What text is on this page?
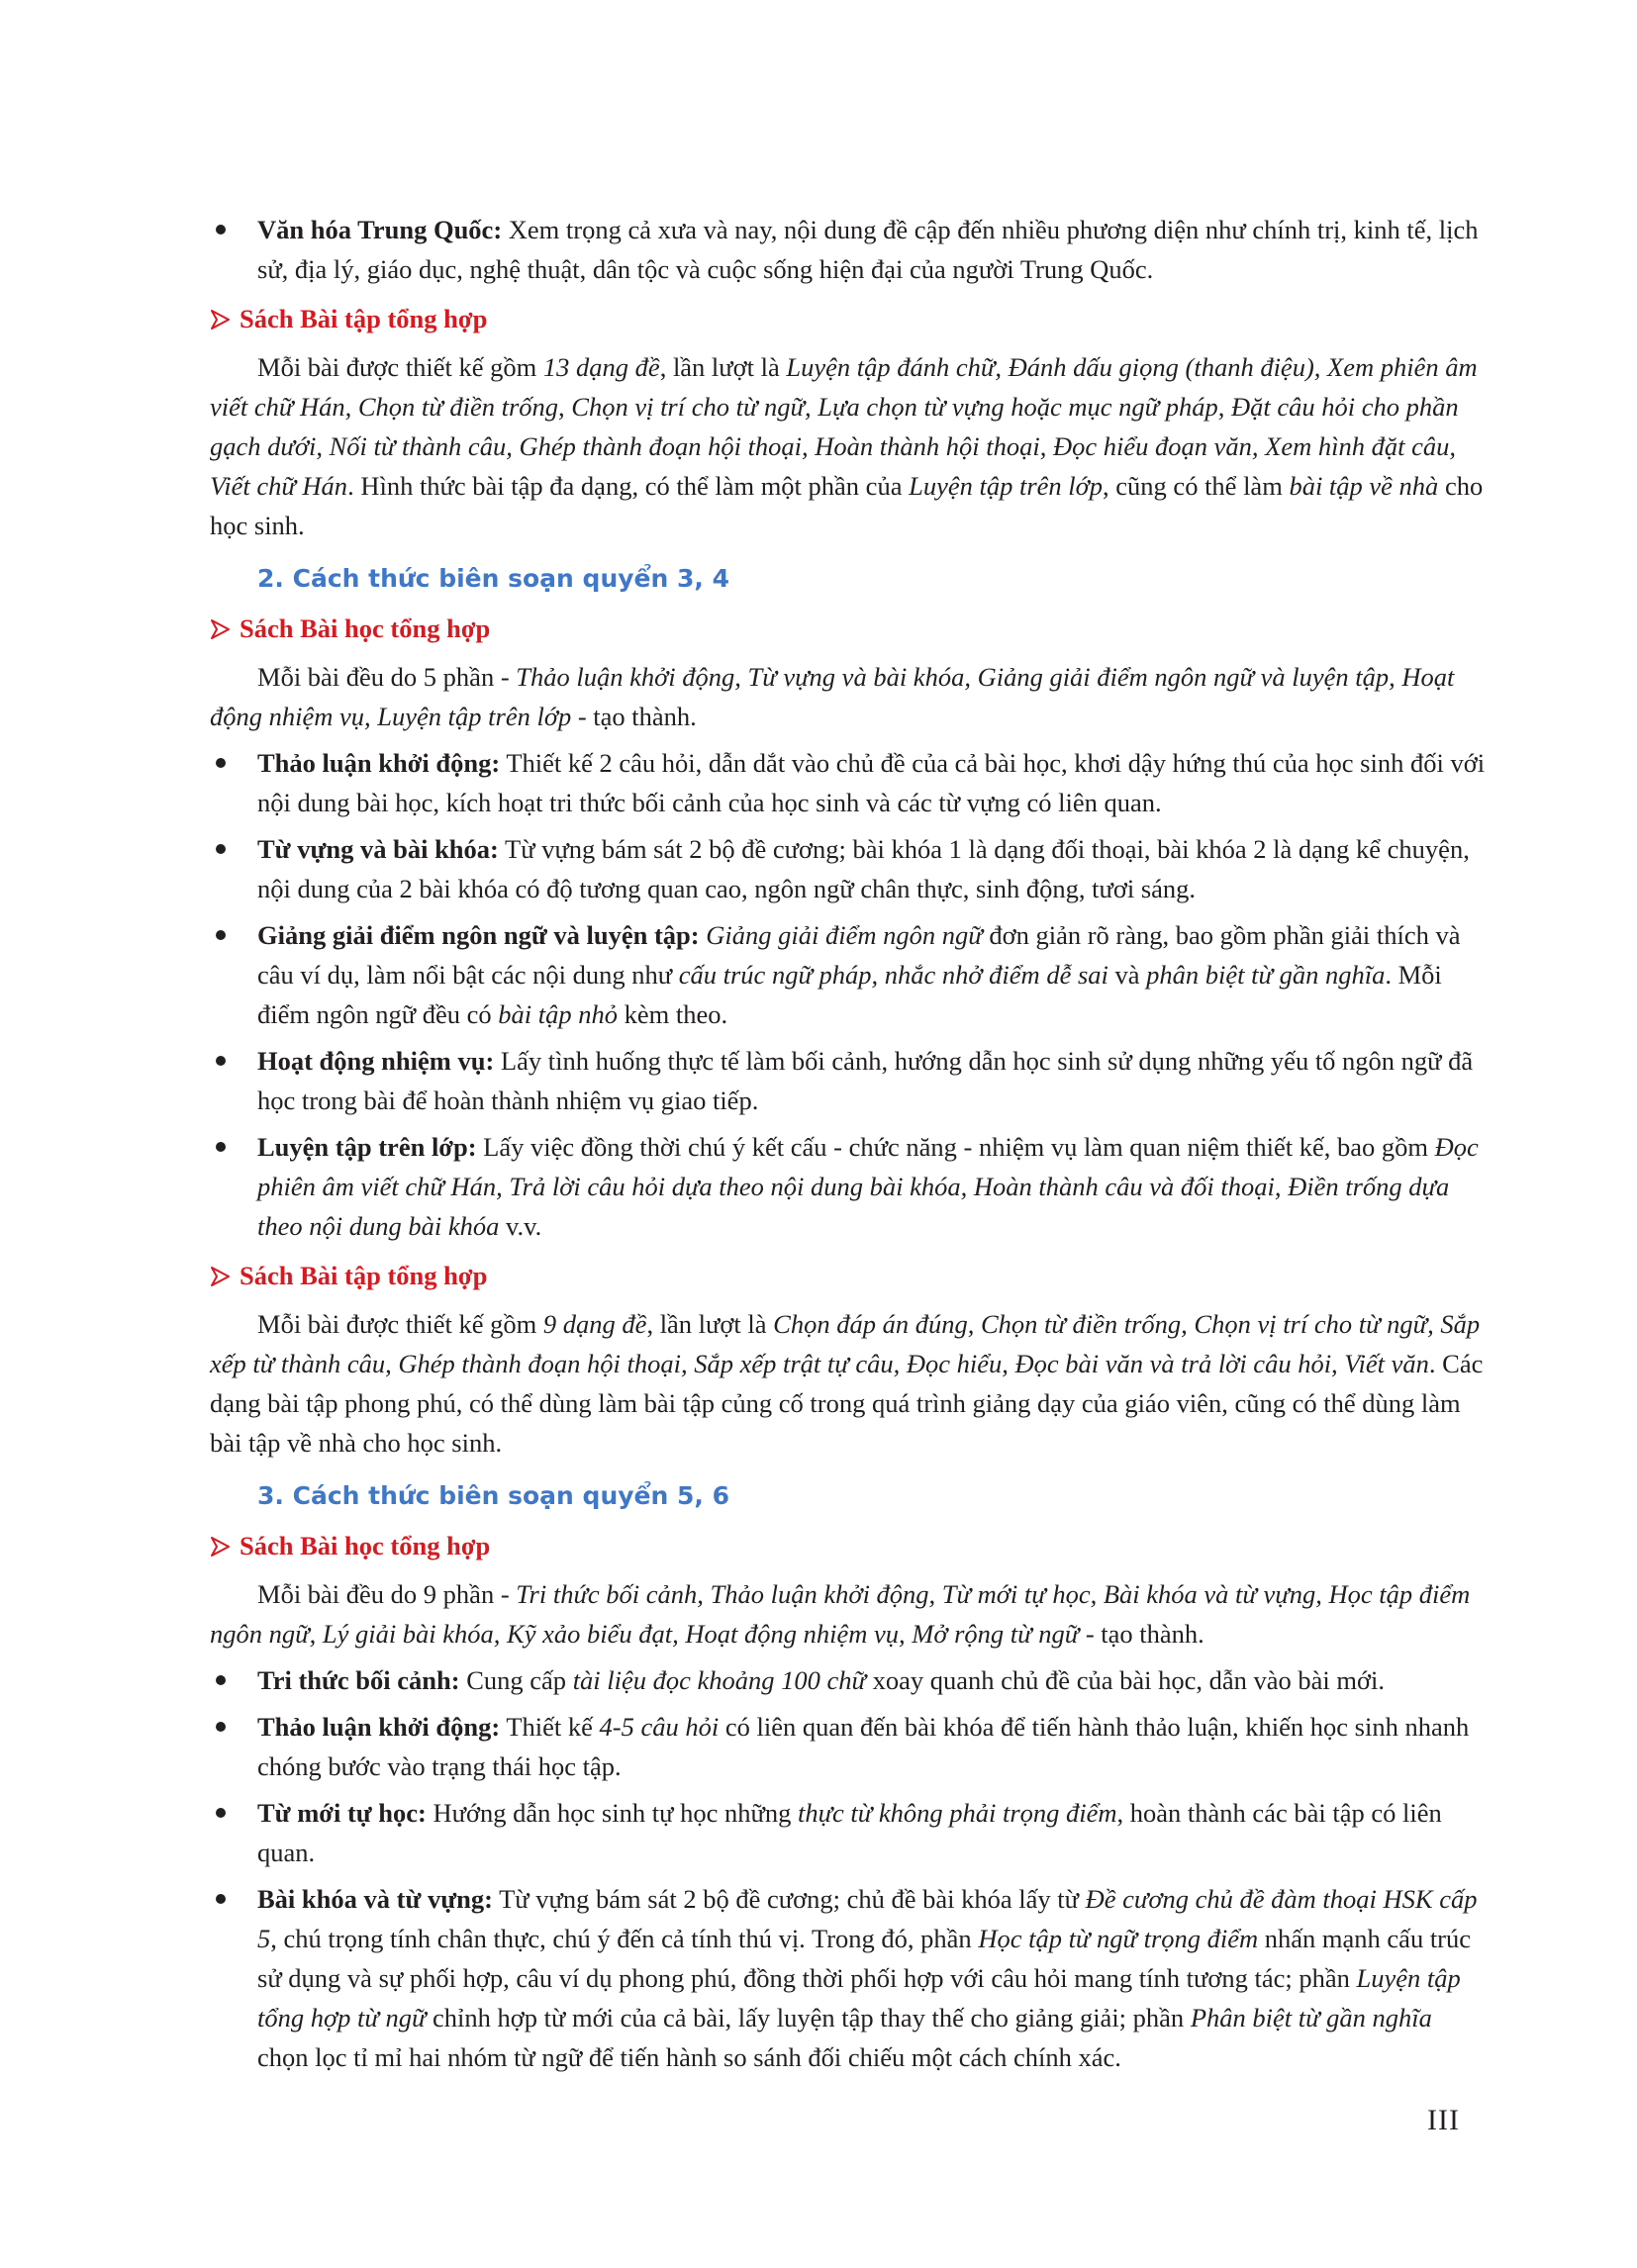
Văn hóa Trung Quốc: Xem trọng cả xưa và nay, nội dung đề cập đến nhiều phương diện như chính trị, kinh tế, lịch sử, địa lý, giáo dục, nghệ thuật, dân tộc và cuộc sống hiện đại của người Trung Quốc.

Sách Bài tập tổng hợp

Mỗi bài được thiết kế gồm 13 dạng đề, lần lượt là Luyện tập đánh chữ, Đánh dấu giọng (thanh điệu), Xem phiên âm viết chữ Hán, Chọn từ điền trống, Chọn vị trí cho từ ngữ, Lựa chọn từ vựng hoặc mục ngữ pháp, Đặt câu hỏi cho phần gạch dưới, Nối từ thành câu, Ghép thành đoạn hội thoại, Hoàn thành hội thoại, Đọc hiểu đoạn văn, Xem hình đặt câu, Viết chữ Hán. Hình thức bài tập đa dạng, có thể làm một phần của Luyện tập trên lớp, cũng có thể làm bài tập về nhà cho học sinh.

2. Cách thức biên soạn quyển 3, 4

Sách Bài học tổng hợp

Mỗi bài đều do 5 phần - Thảo luận khởi động, Từ vựng và bài khóa, Giảng giải điểm ngôn ngữ và luyện tập, Hoạt động nhiệm vụ, Luyện tập trên lớp - tạo thành.

Thảo luận khởi động: Thiết kế 2 câu hỏi, dẫn dắt vào chủ đề của cả bài học, khơi dậy hứng thú của học sinh đối với nội dung bài học, kích hoạt tri thức bối cảnh của học sinh và các từ vựng có liên quan.

Từ vựng và bài khóa: Từ vựng bám sát 2 bộ đề cương; bài khóa 1 là dạng đối thoại, bài khóa 2 là dạng kể chuyện, nội dung của 2 bài khóa có độ tương quan cao, ngôn ngữ chân thực, sinh động, tươi sáng.

Giảng giải điểm ngôn ngữ và luyện tập: Giảng giải điểm ngôn ngữ đơn giản rõ ràng, bao gồm phần giải thích và câu ví dụ, làm nổi bật các nội dung như cấu trúc ngữ pháp, nhắc nhở điểm dễ sai và phân biệt từ gần nghĩa. Mỗi điểm ngôn ngữ đều có bài tập nhỏ kèm theo.

Hoạt động nhiệm vụ: Lấy tình huống thực tế làm bối cảnh, hướng dẫn học sinh sử dụng những yếu tố ngôn ngữ đã học trong bài để hoàn thành nhiệm vụ giao tiếp.

Luyện tập trên lớp: Lấy việc đồng thời chú ý kết cấu - chức năng - nhiệm vụ làm quan niệm thiết kế, bao gồm Đọc phiên âm viết chữ Hán, Trả lời câu hỏi dựa theo nội dung bài khóa, Hoàn thành câu và đối thoại, Điền trống dựa theo nội dung bài khóa v.v.

Sách Bài tập tổng hợp

Mỗi bài được thiết kế gồm 9 dạng đề, lần lượt là Chọn đáp án đúng, Chọn từ điền trống, Chọn vị trí cho từ ngữ, Sắp xếp từ thành câu, Ghép thành đoạn hội thoại, Sắp xếp trật tự câu, Đọc hiểu, Đọc bài văn và trả lời câu hỏi, Viết văn. Các dạng bài tập phong phú, có thể dùng làm bài tập củng cố trong quá trình giảng dạy của giáo viên, cũng có thể dùng làm bài tập về nhà cho học sinh.

3. Cách thức biên soạn quyển 5, 6

Sách Bài học tổng hợp

Mỗi bài đều do 9 phần - Tri thức bối cảnh, Thảo luận khởi động, Từ mới tự học, Bài khóa và từ vựng, Học tập điểm ngôn ngữ, Lý giải bài khóa, Kỹ xảo biểu đạt, Hoạt động nhiệm vụ, Mở rộng từ ngữ - tạo thành.

Tri thức bối cảnh: Cung cấp tài liệu đọc khoảng 100 chữ xoay quanh chủ đề của bài học, dẫn vào bài mới.

Thảo luận khởi động: Thiết kế 4-5 câu hỏi có liên quan đến bài khóa để tiến hành thảo luận, khiến học sinh nhanh chóng bước vào trạng thái học tập.

Từ mới tự học: Hướng dẫn học sinh tự học những thực từ không phải trọng điểm, hoàn thành các bài tập có liên quan.

Bài khóa và từ vựng: Từ vựng bám sát 2 bộ đề cương; chủ đề bài khóa lấy từ Đề cương chủ đề đàm thoại HSK cấp 5, chú trọng tính chân thực, chú ý đến cả tính thú vị. Trong đó, phần Học tập từ ngữ trọng điểm nhấn mạnh cấu trúc sử dụng và sự phối hợp, câu ví dụ phong phú, đồng thời phối hợp với câu hỏi mang tính tương tác; phần Luyện tập tổng hợp từ ngữ chỉnh hợp từ mới của cả bài, lấy luyện tập thay thế cho giảng giải; phần Phân biệt từ gần nghĩa chọn lọc tỉ mỉ hai nhóm từ ngữ để tiến hành so sánh đối chiếu một cách chính xác.

III
